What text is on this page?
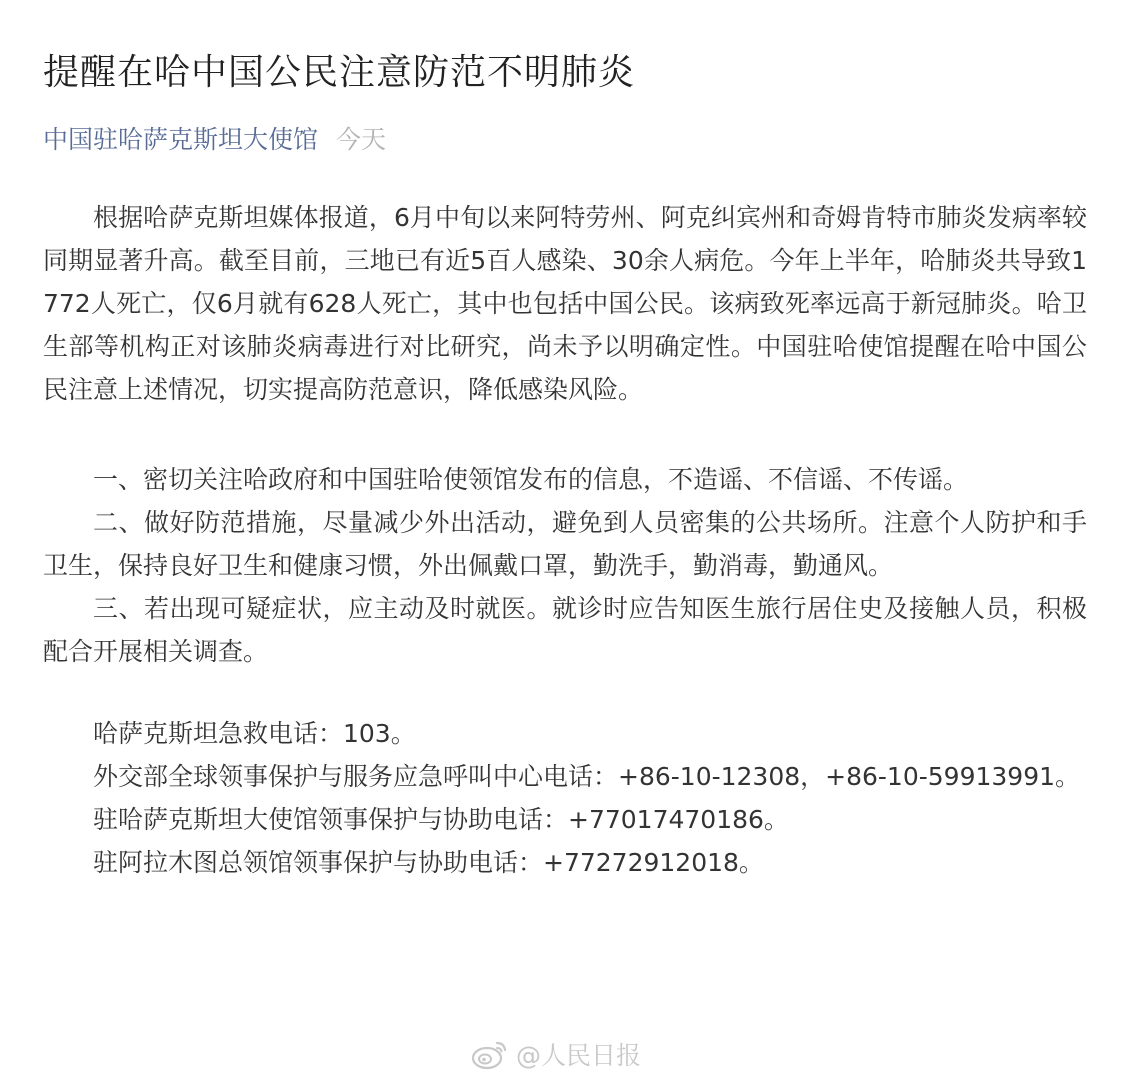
提醒在哈中国公民注意防范不明肺炎
中国驻哈萨克斯坦大使馆 今天

根据哈萨克斯坦媒体报道，6月中旬以来阿特劳州、阿克纠宾州和奇姆肯特市肺炎发病率较同期显著升高。截至目前，三地已有近5百人感染、30余人病危。今年上半年，哈肺炎共导致1772人死亡，仅6月就有628人死亡，其中也包括中国公民。该病致死率远高于新冠肺炎。哈卫生部等机构正对该肺炎病毒进行对比研究，尚未予以明确定性。中国驻哈使馆提醒在哈中国公民注意上述情况，切实提高防范意识，降低感染风险。

一、密切关注哈政府和中国驻哈使领馆发布的信息，不造谣、不信谣、不传谣。

二、做好防范措施，尽量减少外出活动，避免到人员密集的公共场所。注意个人防护和手卫生，保持良好卫生和健康习惯，外出佩戴口罩，勤洗手，勤消毒，勤通风。

三、若出现可疑症状，应主动及时就医。就诊时应告知医生旅行居住史及接触人员，积极配合开展相关调查。

哈萨克斯坦急救电话：103。

外交部全球领事保护与服务应急呼叫中心电话：+86-10-12308，+86-10-59913991。

驻哈萨克斯坦大使馆领事保护与协助电话：+77017470186。

驻阿拉木图总领馆领事保护与协助电话：+77272912018。

@人民日报
